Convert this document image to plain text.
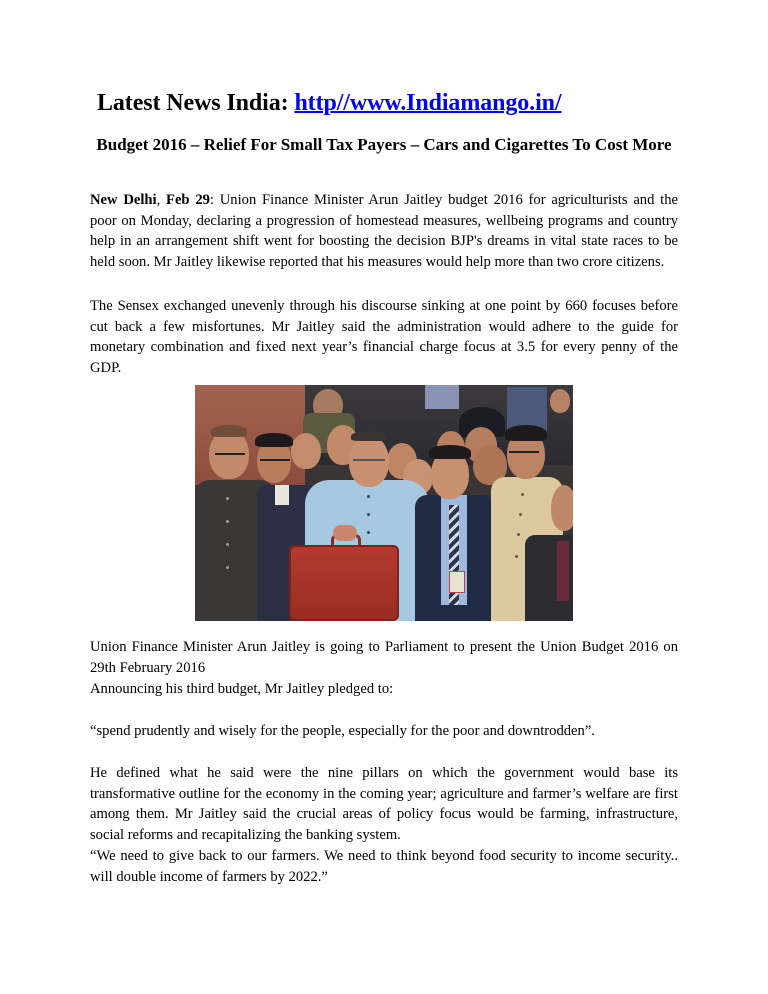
Latest News India: http//www.Indiamango.in/
Budget 2016 – Relief For Small Tax Payers – Cars and Cigarettes To Cost More

New Delhi, Feb 29: Union Finance Minister Arun Jaitley budget 2016 for agriculturists and the poor on Monday, declaring a progression of homestead measures, wellbeing programs and country help in an arrangement shift went for boosting the decision BJP's dreams in vital state races to be held soon. Mr Jaitley likewise reported that his measures would help more than two crore citizens.

The Sensex exchanged unevenly through his discourse sinking at one point by 660 focuses before cut back a few misfortunes. Mr Jaitley said the administration would adhere to the guide for monetary combination and fixed next year’s financial charge focus at 3.5 for every penny of the GDP.

Union Finance Minister Arun Jaitley is going to Parliament to present the Union Budget 2016 on 29th February 2016

Announcing his third budget, Mr Jaitley pledged to:

“spend prudently and wisely for the people, especially for the poor and downtrodden”.

He defined what he said were the nine pillars on which the government would base its transformative outline for the economy in the coming year; agriculture and farmer’s welfare are first among them. Mr Jaitley said the crucial areas of policy focus would be farming, infrastructure, social reforms and recapitalizing the banking system.

“We need to give back to our farmers. We need to think beyond food security to income security.. will double income of farmers by 2022.”
